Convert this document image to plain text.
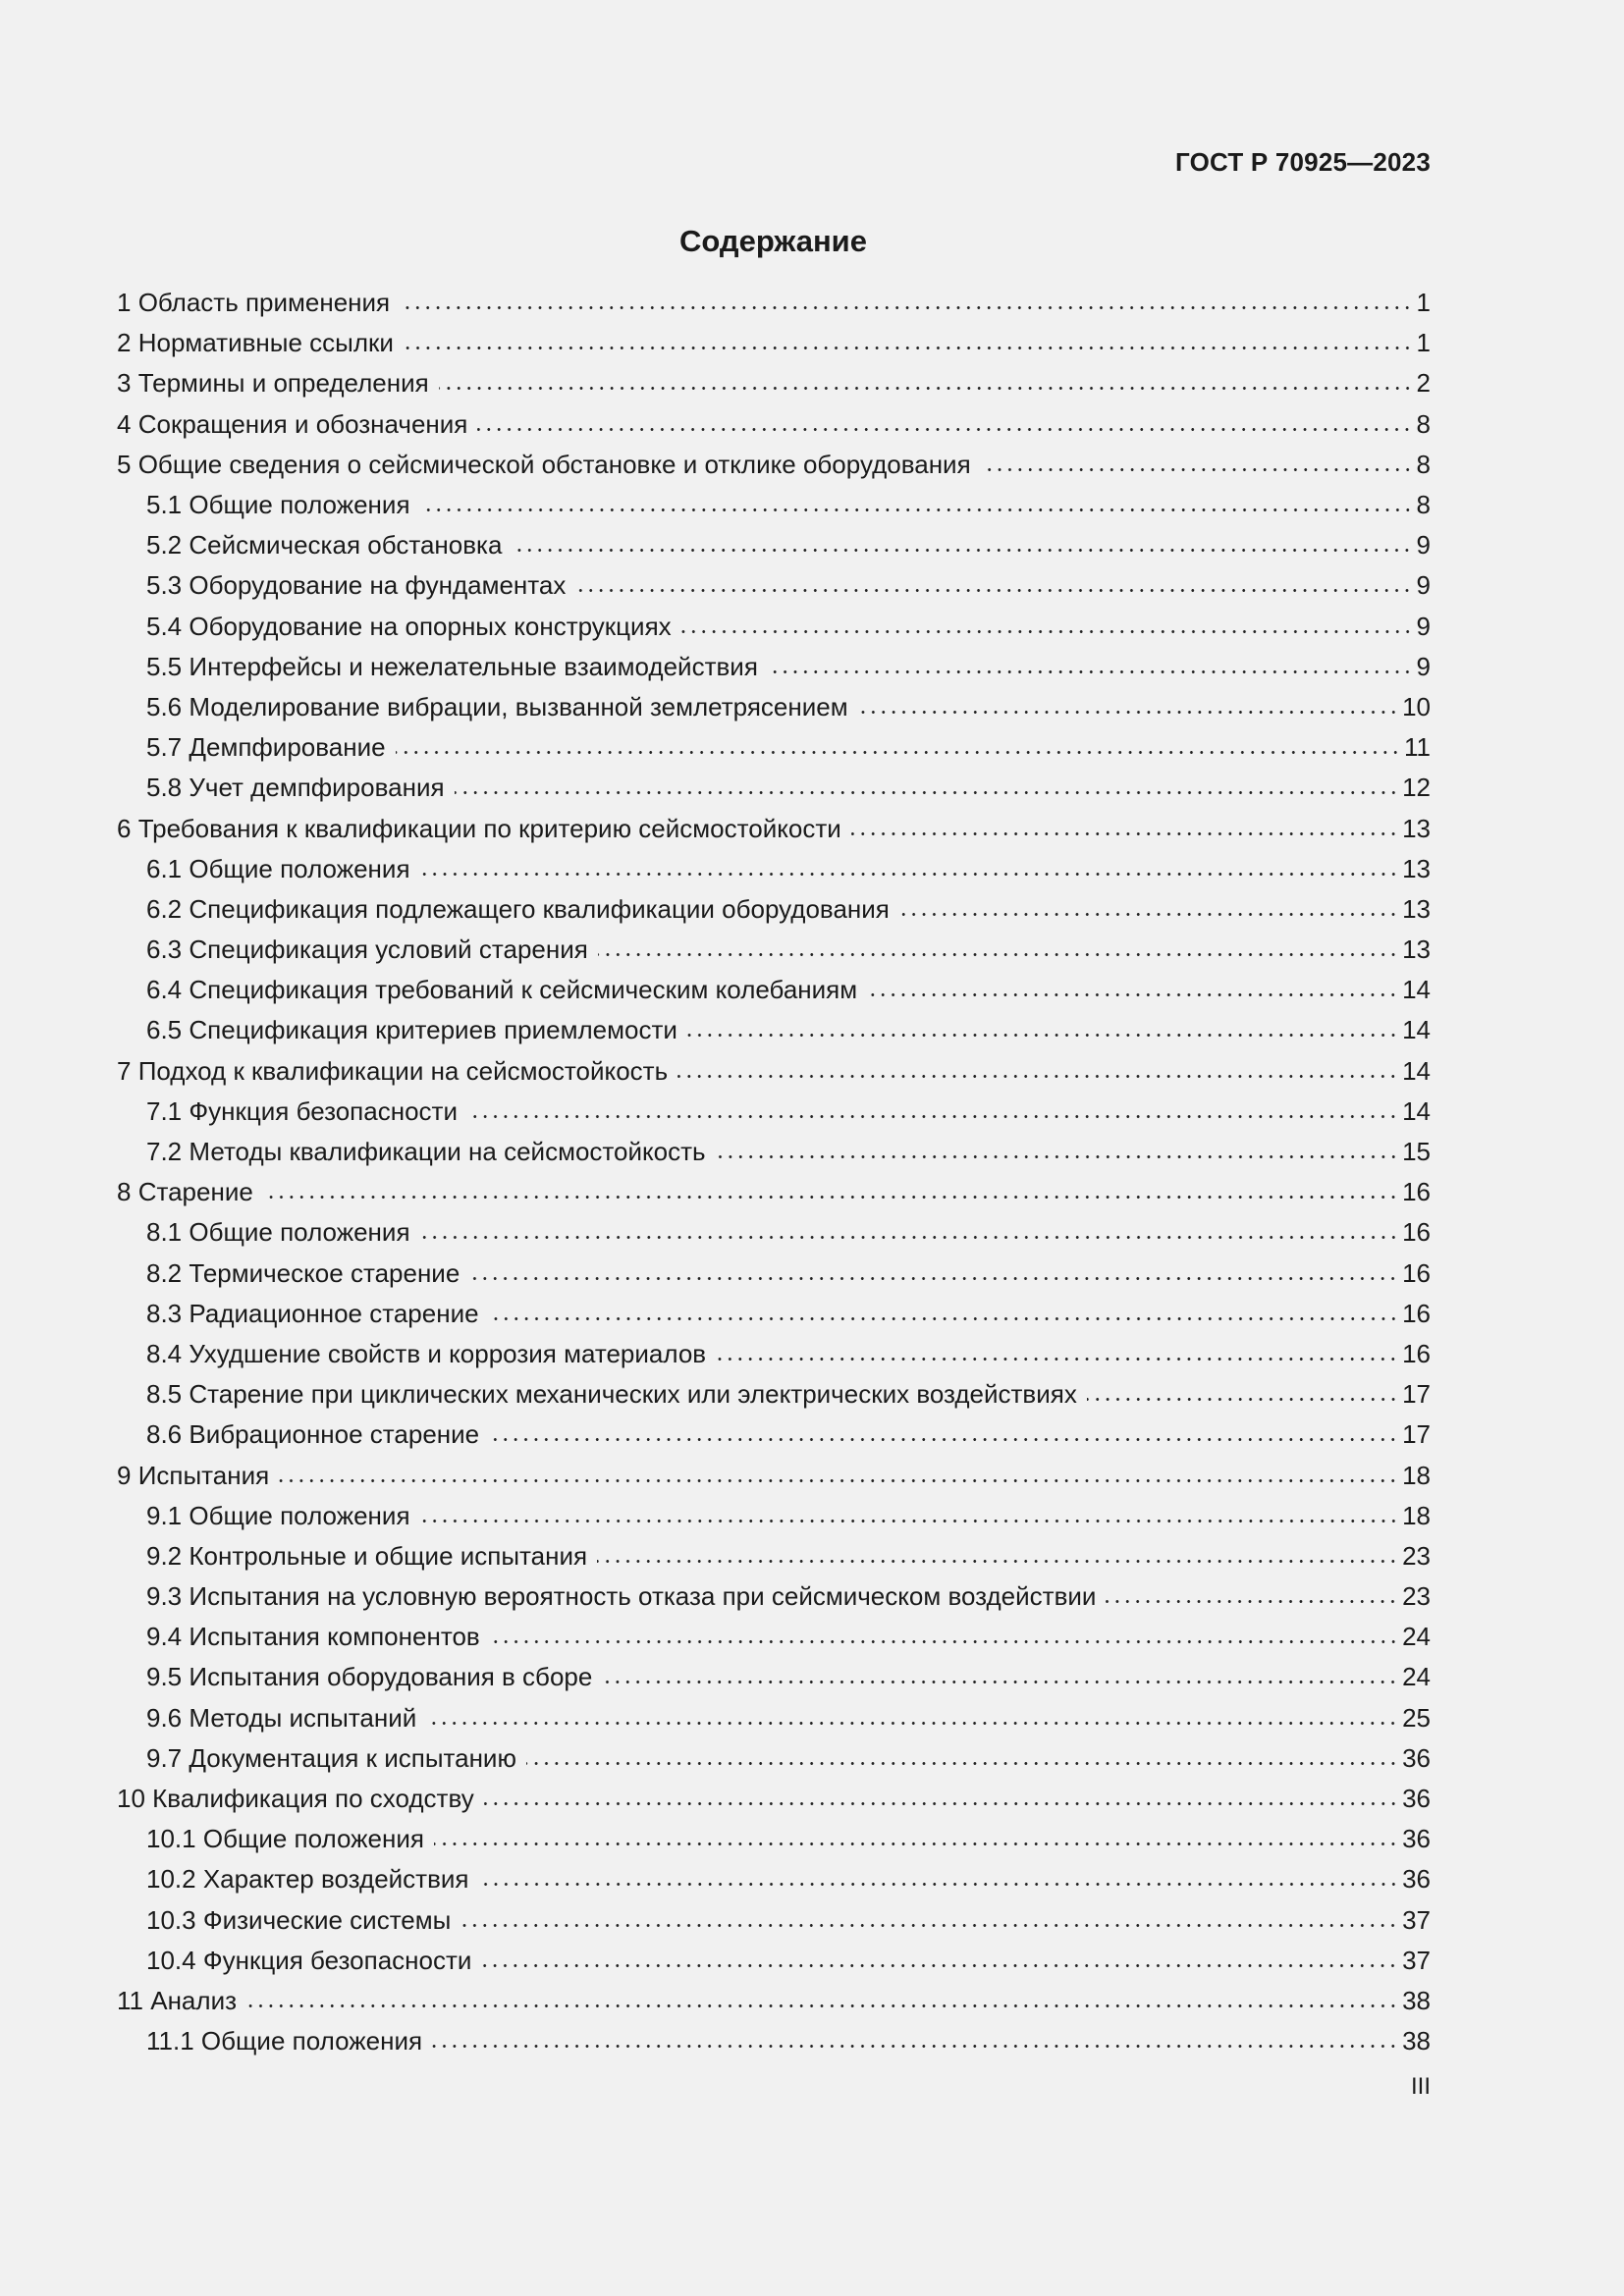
ГОСТ Р 70925—2023
Содержание
1 Область применения	1
2 Нормативные ссылки	1
3 Термины и определения	2
4 Сокращения и обозначения	8
5 Общие сведения о сейсмической обстановке и отклике оборудования	8
5.1 Общие положения	8
5.2 Сейсмическая обстановка	9
5.3 Оборудование на фундаментах	9
5.4 Оборудование на опорных конструкциях	9
5.5 Интерфейсы и нежелательные взаимодействия	9
5.6 Моделирование вибрации, вызванной землетрясением	10
5.7 Демпфирование	11
5.8 Учет демпфирования	12
6 Требования к квалификации по критерию сейсмостойкости	13
6.1 Общие положения	13
6.2 Спецификация подлежащего квалификации оборудования	13
6.3 Спецификация условий старения	13
6.4 Спецификация требований к сейсмическим колебаниям	14
6.5 Спецификация критериев приемлемости	14
7 Подход к квалификации на сейсмостойкость	14
7.1 Функция безопасности	14
7.2 Методы квалификации на сейсмостойкость	15
8 Старение	16
8.1 Общие положения	16
8.2 Термическое старение	16
8.3 Радиационное старение	16
8.4 Ухудшение свойств и коррозия материалов	16
8.5 Старение при циклических механических или электрических воздействиях	17
8.6 Вибрационное старение	17
9 Испытания	18
9.1 Общие положения	18
9.2 Контрольные и общие испытания	23
9.3 Испытания на условную вероятность отказа при сейсмическом воздействии	23
9.4 Испытания компонентов	24
9.5 Испытания оборудования в сборе	24
9.6 Методы испытаний	25
9.7 Документация к испытанию	36
10 Квалификация по сходству	36
10.1 Общие положения	36
10.2 Характер воздействия	36
10.3 Физические системы	37
10.4 Функция безопасности	37
11 Анализ	38
11.1 Общие положения	38
III
